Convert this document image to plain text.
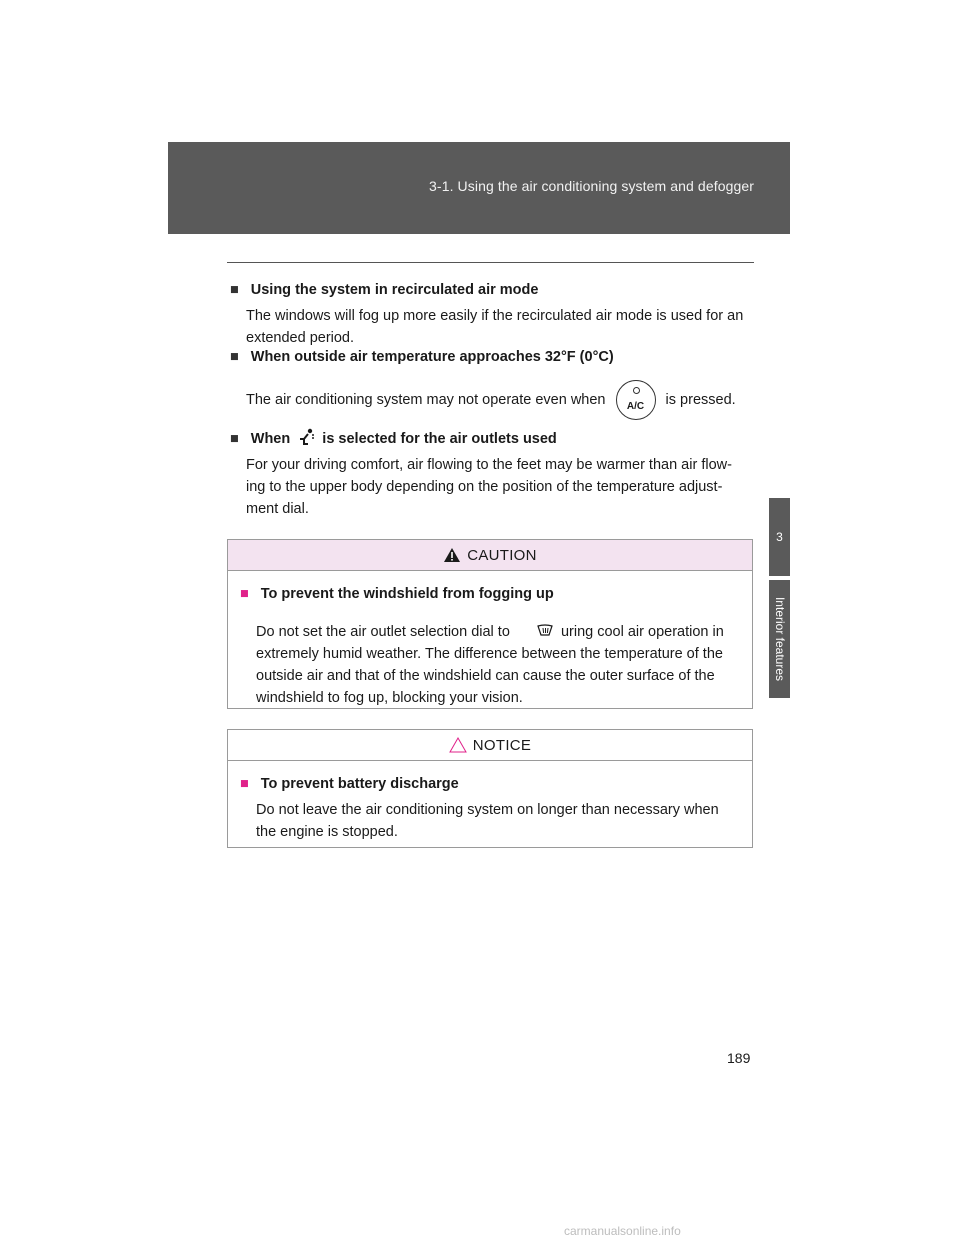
3-1. Using the air conditioning system and defogger
3
Interior features
■ Using the system in recirculated air mode

The windows will fog up more easily if the recirculated air mode is used for an extended period.

■ When outside air temperature approaches 32°F (0°C)

The air conditioning system may not operate even when	A/C	is pressed.

■ When is selected for the air outlets used

For your driving comfort, air flowing to the feet may be warmer than air flow- ing to the upper body depending on the position of the temperature adjust- ment dial.

CAUTION
■ To prevent the windshield from fogging up

Do not set the air outlet selection dial to	uring cool air operation in extremely humid weather. The difference between the temperature of the outside air and that of the windshield can cause the outer surface of the windshield to fog up, blocking your vision.

NOTICE
■ To prevent battery discharge

Do not leave the air conditioning system on longer than necessary when the engine is stopped.

189
carmanualsonline.info
